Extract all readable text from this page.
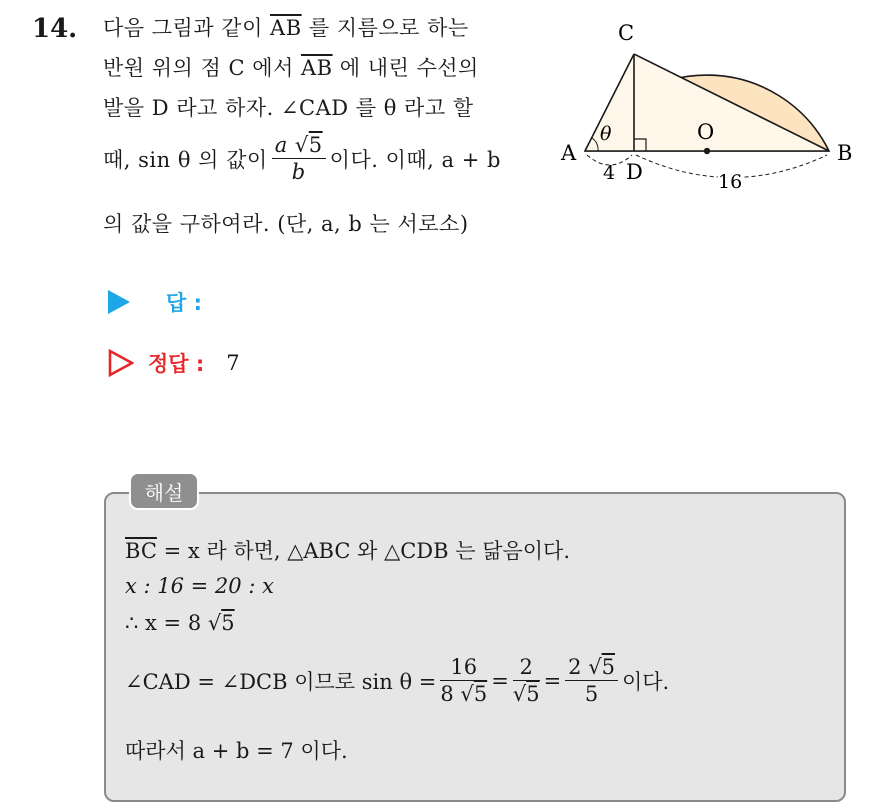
14. 다음 그림과 같이 $\overline{AB}$ 를 지름으로 하는
반원 위의 점 C 에서 $\overline{AB}$ 에 내린 수선의
발을 D 라고 하자. ∠CAD 를 θ 라고 할
때, sin θ 의 값이 $\frac{a √5}{b}$ 이다. 이때, a + b
의 값을 구하여라. (단, a, b 는 서로소)
C
A	B
O
D
θ
4	16
답 :
정답 : 7
해설
$\overline{BC} = x$ 라 하면, △ABC 와 △CDB 는 닮음이다.
x : 16 = 20 : x
∴ x = 8 √5
∠CAD = ∠DCB 이므로 $\sin \theta = \frac{16}{8 √5} = \frac{2}{√5} = \frac{2 √5}{5}$ 이다.
따라서 a + b = 7 이다.
